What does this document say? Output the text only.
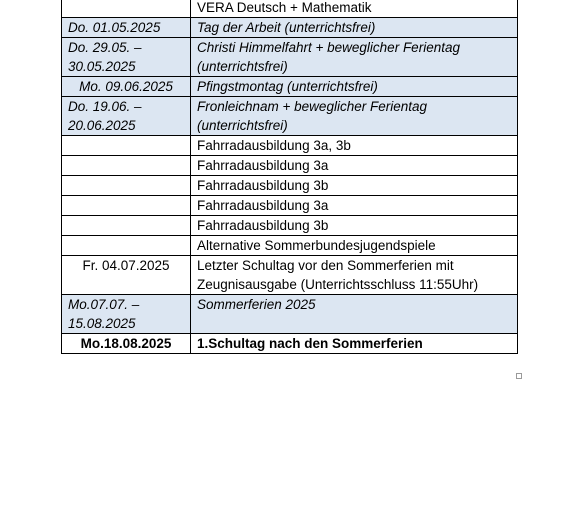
	VERA Deutsch + Mathematik
Do. 01.05.2025	Tag der Arbeit (unterrichtsfrei)
Do. 29.05. – 30.05.2025	Christi Himmelfahrt + beweglicher Ferientag (unterrichtsfrei)
Mo. 09.06.2025	Pfingstmontag (unterrichtsfrei)
Do. 19.06. – 20.06.2025	Fronleichnam + beweglicher Ferientag (unterrichtsfrei)
	Fahrradausbildung 3a, 3b
	Fahrradausbildung 3a
	Fahrradausbildung 3b
	Fahrradausbildung 3a
	Fahrradausbildung 3b
	Alternative Sommerbundesjugendspiele
Fr. 04.07.2025	Letzter Schultag vor den Sommerferien mit Zeugnisausgabe (Unterrichtsschluss 11:55Uhr)
Mo.07.07. – 15.08.2025	Sommerferien 2025
Mo.18.08.2025	1.Schultag nach den Sommerferien
